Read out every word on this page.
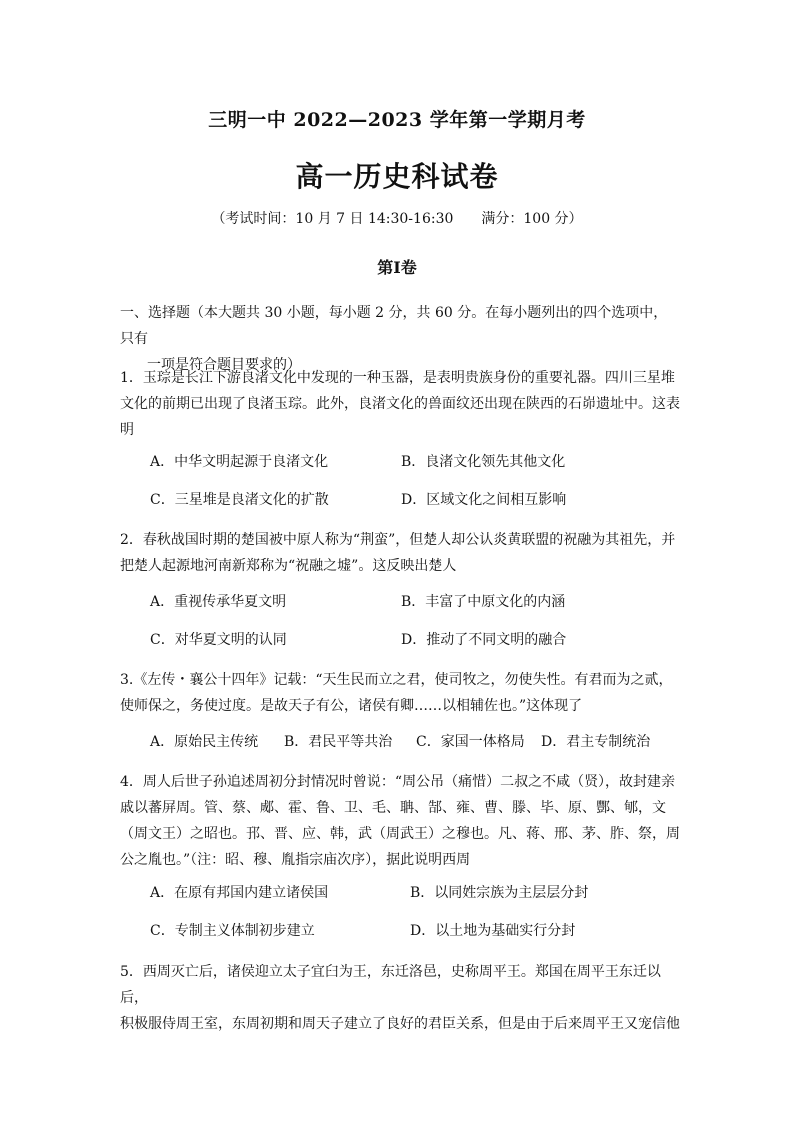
三明一中 2022—2023 学年第一学期月考
高一历史科试卷
（考试时间：10 月 7 日 14:30-16:30　　满分：100 分）
第Ⅰ卷
一、选择题（本大题共 30 小题，每小题 2 分，共 60 分。在每小题列出的四个选项中，只有
一项是符合题目要求的）
1．玉琮是长江下游良渚文化中发现的一种玉器，是表明贵族身份的重要礼器。四川三星堆
文化的前期已出现了良渚玉琮。此外，良渚文化的兽面纹还出现在陕西的石峁遗址中。这表
明
A．中华文明起源于良渚文化	B．良渚文化领先其他文化
C．三星堆是良渚文化的扩散	D．区域文化之间相互影响
2．春秋战国时期的楚国被中原人称为“荆蛮”，但楚人却公认炎黄联盟的祝融为其祖先，并
把楚人起源地河南新郑称为“祝融之墟”。这反映出楚人
A．重视传承华夏文明	B．丰富了中原文化的内涵
C．对华夏文明的认同	D．推动了不同文明的融合
3.《左传・襄公十四年》记载：“天生民而立之君，使司牧之，勿使失性。有君而为之贰，
使师保之，务使过度。是故天子有公，诸侯有卿……以相辅佐也。”这体现了
A．原始民主传统 B．君民平等共治 C．家国一体格局 D．君主专制统治
4．周人后世子孙追述周初分封情况时曾说：“周公吊（痛惜）二叔之不咸（贤），故封建亲
戚以蕃屏周。管、蔡、郕、霍、鲁、卫、毛、聃、郜、雍、曹、滕、毕、原、酆、郇，文
（周文王）之昭也。邘、晋、应、韩，武（周武王）之穆也。凡、蒋、邢、茅、胙、祭，周
公之胤也。”（注：昭、穆、胤指宗庙次序），据此说明西周
A．在原有邦国内建立诸侯国	B．以同姓宗族为主层层分封
C．专制主义体制初步建立	D．以土地为基础实行分封
5．西周灭亡后，诸侯迎立太子宜臼为王，东迁洛邑，史称周平王。郑国在周平王东迁以后，
积极服侍周王室，东周初期和周天子建立了良好的君臣关系，但是由于后来周平王又宠信他
